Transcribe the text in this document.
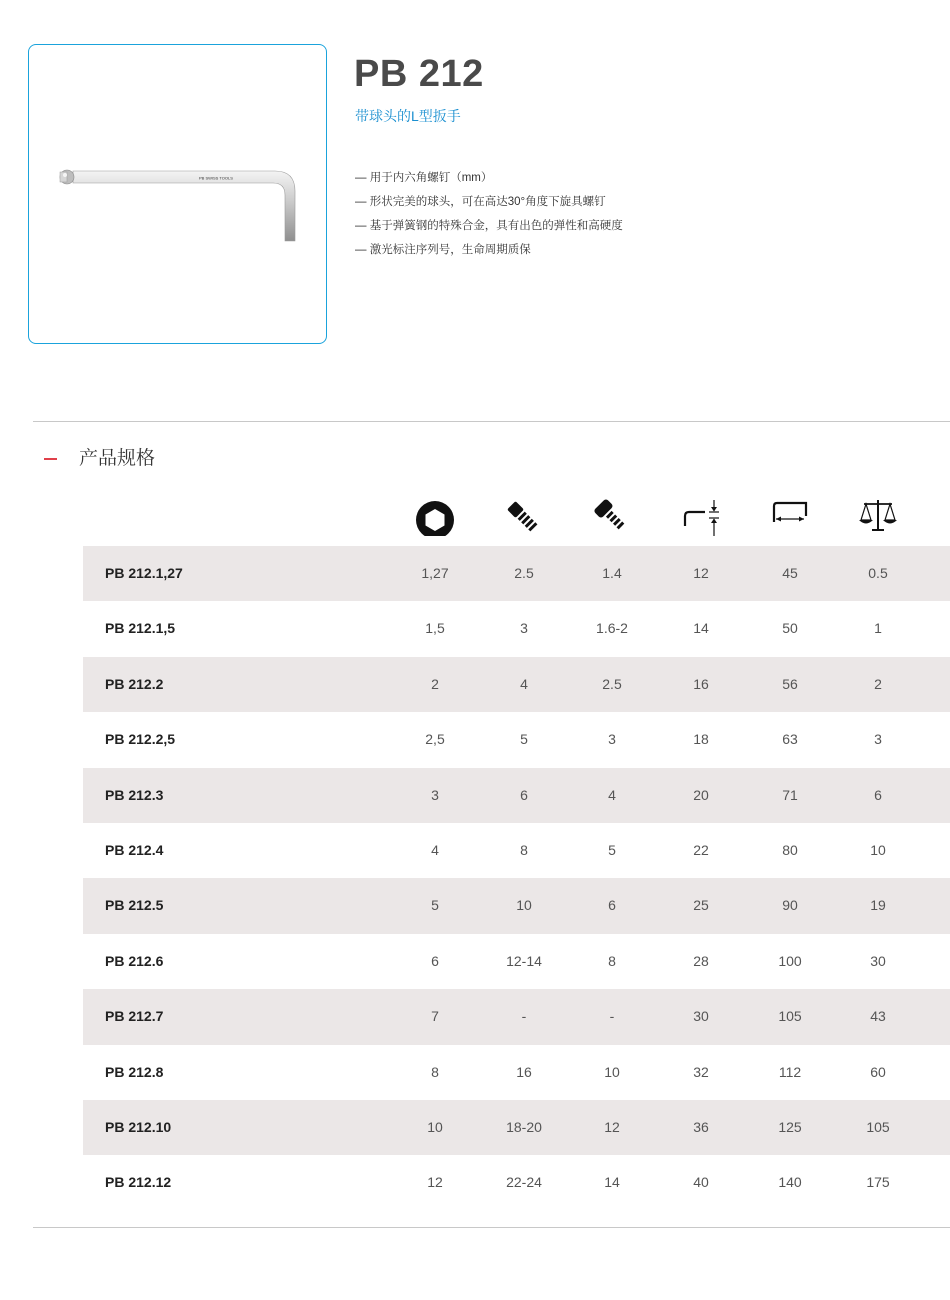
PB SWISS TOOLS
PB 212

带球头的L型扳手

— 用于内六角螺钉（mm）
— 形状完美的球头，可在高达30°角度下旋具螺钉
— 基于弹簧钢的特殊合金，具有出色的弹性和高硬度
— 激光标注序列号，生命周期质保
产品规格
PB 212.1,27	1,27	2.5	1.4	12	45	0.5
PB 212.1,5	1,5	3	1.6-2	14	50	1
PB 212.2	2	4	2.5	16	56	2
PB 212.2,5	2,5	5	3	18	63	3
PB 212.3	3	6	4	20	71	6
PB 212.4	4	8	5	22	80	10
PB 212.5	5	10	6	25	90	19
PB 212.6	6	12-14	8	28	100	30
PB 212.7	7	-	-	30	105	43
PB 212.8	8	16	10	32	112	60
PB 212.10	10	18-20	12	36	125	105
PB 212.12	12	22-24	14	40	140	175
